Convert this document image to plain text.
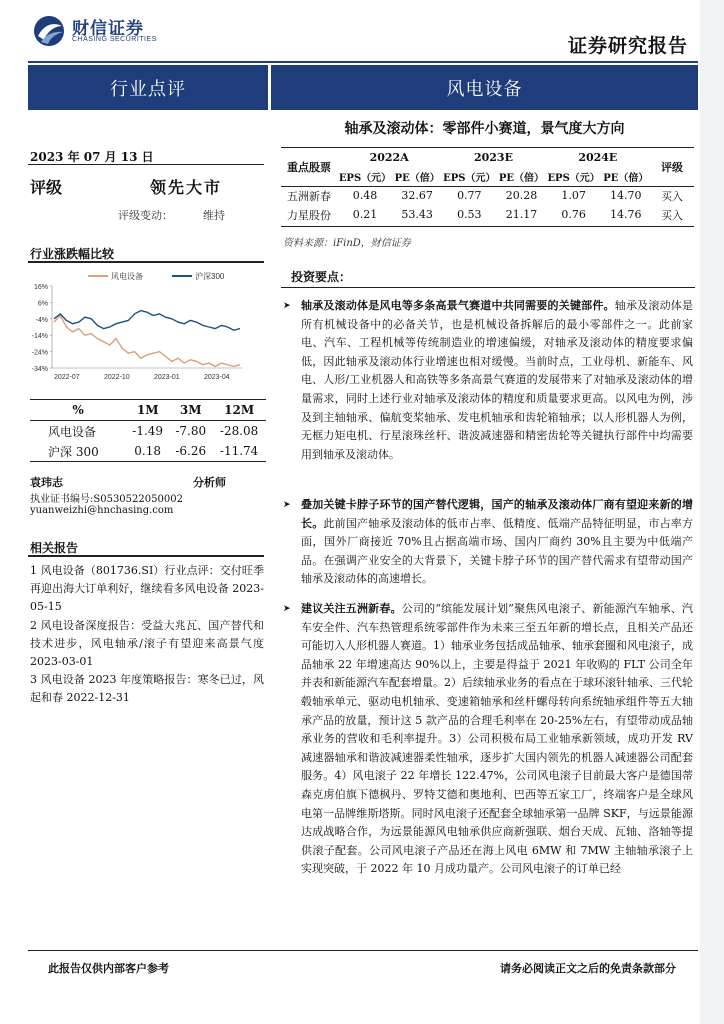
财信证券
CHASING SECURITIES	证券研究报告
行业点评	风电设备
轴承及滚动体：零部件小赛道，景气度大方向
2023 年 07 月 13 日
评级	领先大市
评级变动：	维持
行业涨跌幅比较
风电设备	沪深300
16%
6%
-4%
-14%
-24%
-34%
2022-07	2022-10	2023-01	2023-04
%	1M	3M	12M
风电设备	-1.49	-7.80	-28.08
沪深 300	0.18	-6.26	-11.74
袁玮志	分析师
执业证书编号:S0530522050002
yuanweizhi@hnchasing.com
相关报告
1 风电设备（801736.SI）行业点评：交付旺季再迎出海大订单利好，继续看多风电设备 2023-05-15
2 风电设备深度报告：受益大兆瓦、国产替代和技术进步，风电轴承/滚子有望迎来高景气度 2023-03-01
3 风电设备 2023 年度策略报告：寒冬已过，风起和春 2022-12-31
重点股票	2022A		2023E		2024E		评级
	EPS（元）	PE（倍）	EPS（元）	PE（倍）	EPS（元）	PE（倍）	
五洲新春	0.48	32.67	0.77	20.28	1.07	14.70	买入
力星股份	0.21	53.43	0.53	21.17	0.76	14.76	买入
资料来源：iFinD，财信证券
投资要点：
➤ 轴承及滚动体是风电等多条高景气赛道中共同需要的关键部件。轴承及滚动体是所有机械设备中的必备关节，也是机械设备拆解后的最小零部件之一。此前家电、汽车、工程机械等传统制造业的增速偏缓，对轴承及滚动体的精度要求偏低，因此轴承及滚动体行业增速也相对缓慢。当前时点，工业母机、新能车、风电、人形/工业机器人和高铁等多条高景气赛道的发展带来了对轴承及滚动体的增量需求，同时上述行业对轴承及滚动体的精度和质量要求更高。以风电为例，涉及到主轴轴承、偏航变桨轴承、发电机轴承和齿轮箱轴承；以人形机器人为例，无框力矩电机、行星滚珠丝杆、谐波减速器和精密齿轮等关键执行部件中均需要用到轴承及滚动体。
➤ 叠加关键卡脖子环节的国产替代逻辑，国产的轴承及滚动体厂商有望迎来新的增长。此前国产轴承及滚动体的低市占率、低精度、低端产品特征明显，市占率方面，国外厂商接近 70%且占据高端市场、国内厂商约 30%且主要为中低端产品。在强调产业安全的大背景下，关键卡脖子环节的国产替代需求有望带动国产轴承及滚动体的高速增长。
➤ 建议关注五洲新春。公司的“缤能发展计划”聚焦风电滚子、新能源汽车轴承、汽车安全件、汽车热管理系统零部件作为未来三至五年新的增长点，且相关产品还可能切入人形机器人赛道。1）轴承业务包括成品轴承、轴承套圈和风电滚子，成品轴承 22 年增速高达 90%以上，主要是得益于 2021 年收购的 FLT 公司全年并表和新能源汽车配套增量。2）后续轴承业务的看点在于球环滚针轴承、三代轮毂轴承单元、驱动电机轴承、变速箱轴承和丝杆螺母转向系统轴承组件等五大轴承产品的放量，预计这 5 款产品的合理毛利率在 20-25%左右，有望带动成品轴承业务的营收和毛利率提升。3）公司积极布局工业轴承新领域，成功开发 RV 减速器轴承和谐波减速器柔性轴承，逐步扩大国内领先的机器人减速器公司配套服务。4）风电滚子 22 年增长 122.47%，公司风电滚子目前最大客户是德国蒂森克虏伯旗下德枫丹、罗特艾德和奥地利、巴西等五家工厂，终端客户是全球风电第一品牌维斯塔斯。同时风电滚子还配套全球轴承第一品牌 SKF，与远景能源达成战略合作，为远景能源风电轴承供应商新强联、烟台天成、瓦轴、洛轴等提供滚子配套。公司风电滚子产品还在海上风电 6MW 和 7MW 主轴轴承滚子上实现突破，于 2022 年 10 月成功量产。公司风电滚子的订单已经
此报告仅供内部客户参考	请务必阅读正文之后的免责条款部分
